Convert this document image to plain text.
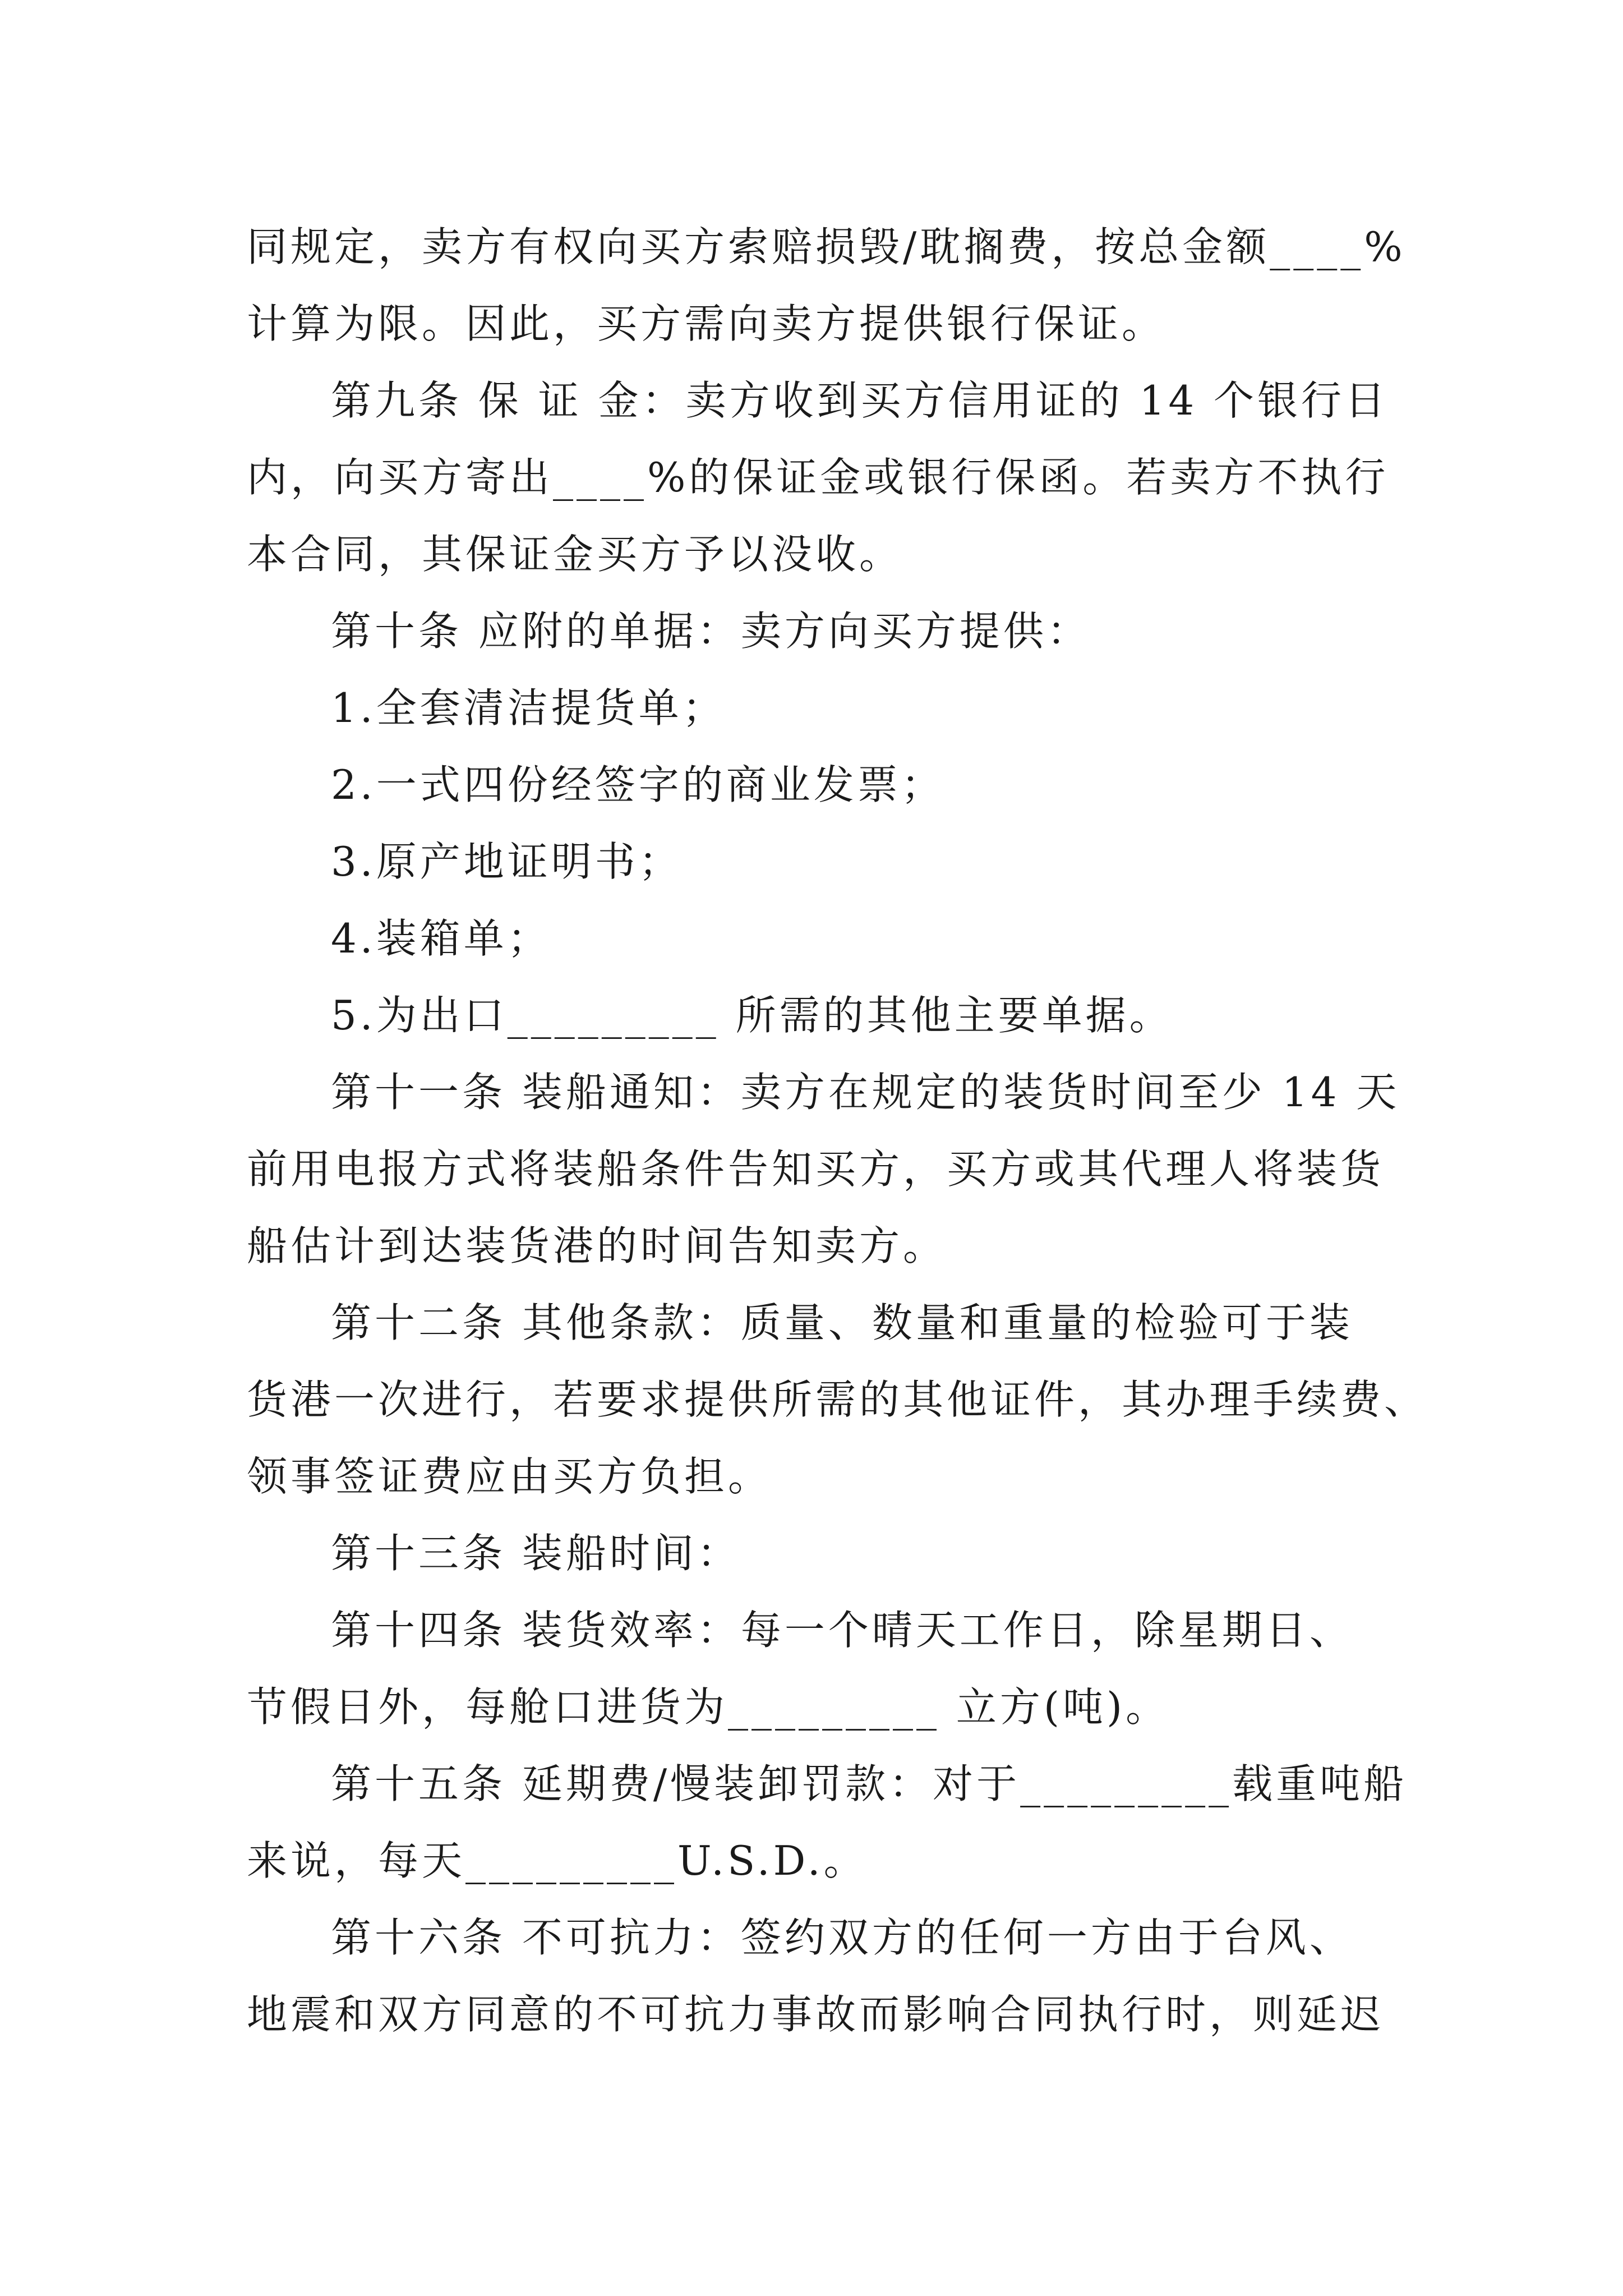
同规定，卖方有权向买方索赔损毁/耽搁费，按总金额____%
计算为限。因此，买方需向卖方提供银行保证。
第九条 保 证 金：卖方收到买方信用证的 14 个银行日
内，向买方寄出____%的保证金或银行保函。若卖方不执行
本合同，其保证金买方予以没收。
第十条 应附的单据：卖方向买方提供：
1.全套清洁提货单；
2.一式四份经签字的商业发票；
3.原产地证明书；
4.装箱单；
5.为出口_________ 所需的其他主要单据。
第十一条 装船通知：卖方在规定的装货时间至少 14 天
前用电报方式将装船条件告知买方，买方或其代理人将装货
船估计到达装货港的时间告知卖方。
第十二条 其他条款：质量、数量和重量的检验可于装
货港一次进行，若要求提供所需的其他证件，其办理手续费、
领事签证费应由买方负担。
第十三条 装船时间：
第十四条 装货效率：每一个晴天工作日，除星期日、
节假日外，每舱口进货为_________ 立方(吨)。
第十五条 延期费/慢装卸罚款：对于_________载重吨船
来说，每天_________U.S.D.。
第十六条 不可抗力：签约双方的任何一方由于台风、
地震和双方同意的不可抗力事故而影响合同执行时，则延迟
